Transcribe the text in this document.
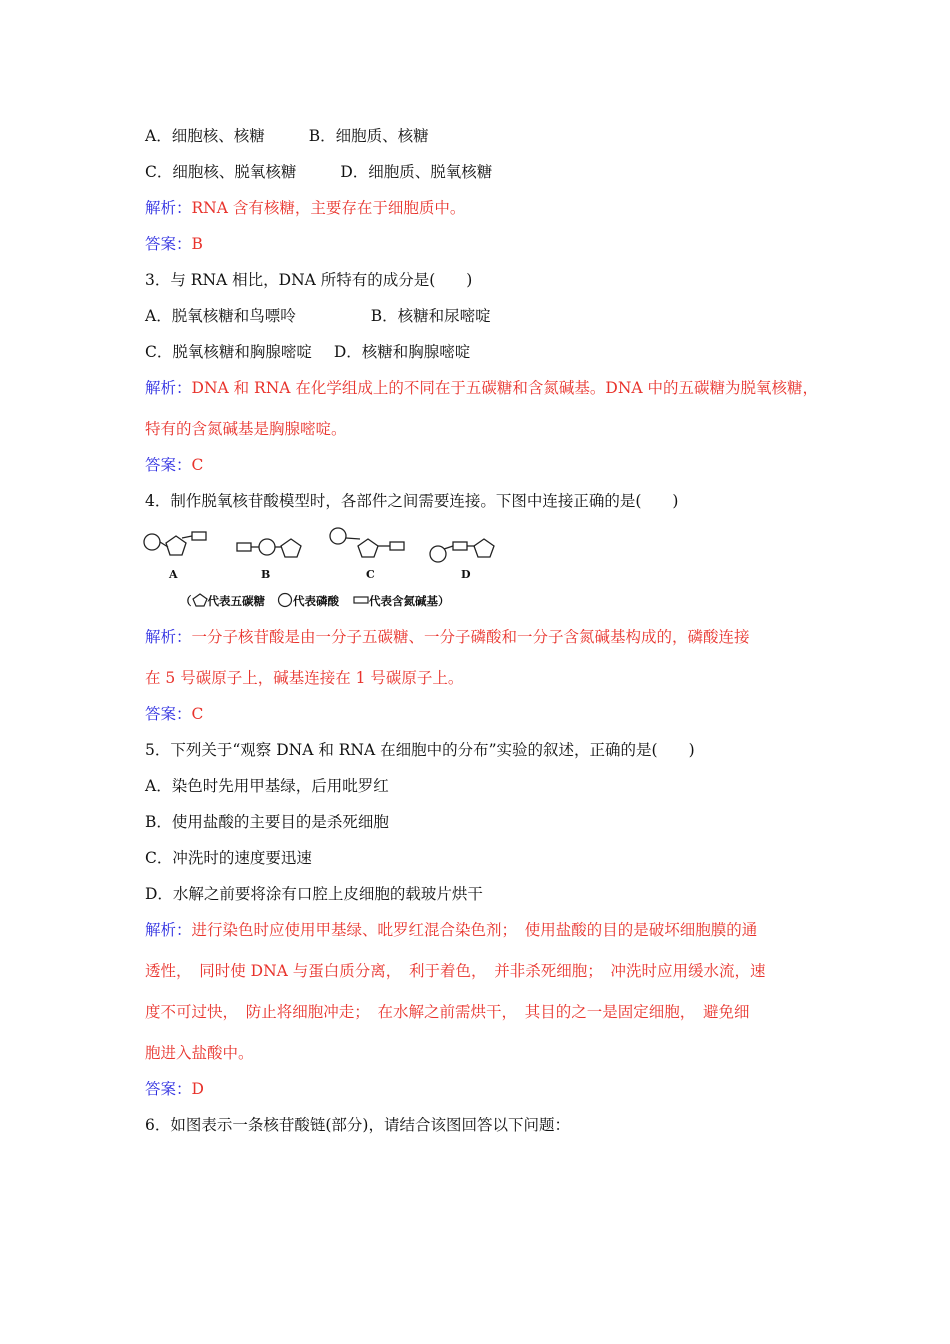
A．细胞核、核糖	B．细胞质、核糖
C．细胞核、脱氧核糖	D．细胞质、脱氧核糖
解析：RNA 含有核糖，主要存在于细胞质中。
答案：B
3．与 RNA 相比，DNA 所特有的成分是(　　)
A．脱氧核糖和鸟嘌呤	B．核糖和尿嘧啶
C．脱氧核糖和胸腺嘧啶 D．核糖和胸腺嘧啶
解析：DNA 和 RNA 在化学组成上的不同在于五碳糖和含氮碱基。DNA 中的五碳糖为脱氧核糖，
特有的含氮碱基是胸腺嘧啶。
答案：C
4．制作脱氧核苷酸模型时，各部件之间需要连接。下图中连接正确的是(　　)
A	B	C	D
（ 代表五碳糖 代表磷酸	代表含氮碱基）
解析：一分子核苷酸是由一分子五碳糖、一分子磷酸和一分子含氮碱基构成的，磷酸连接
在 5 号碳原子上，碱基连接在 1 号碳原子上。
答案：C
5．下列关于“观察 DNA 和 RNA 在细胞中的分布”实验的叙述，正确的是(　　)
A．染色时先用甲基绿，后用吡罗红
B．使用盐酸的主要目的是杀死细胞
C．冲洗时的速度要迅速
D．水解之前要将涂有口腔上皮细胞的载玻片烘干
解析：进行染色时应使用甲基绿、吡罗红混合染色剂；　使用盐酸的目的是破坏细胞膜的通
透性，　同时使 DNA 与蛋白质分离，　利于着色，　并非杀死细胞；　冲洗时应用缓水流，速
度不可过快，　防止将细胞冲走；　在水解之前需烘干，　其目的之一是固定细胞，　避免细
胞进入盐酸中。
答案：D
6．如图表示一条核苷酸链(部分)，请结合该图回答以下问题：
